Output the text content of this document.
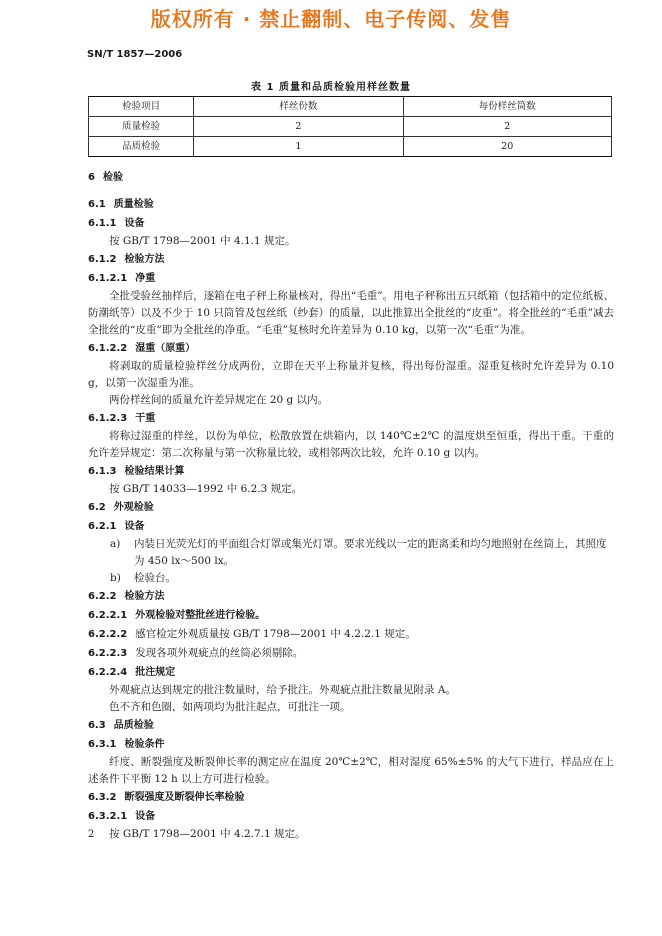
版权所有 · 禁止翻制、电子传阅、发售
SN/T 1857—2006
表 1 质量和品质检验用样丝数量
检验项目	样丝份数	每份样丝筒数
质量检验	2	2
品质检验	1	20
6 检验
6.1 质量检验
6.1.1 设备

按 GB/T 1798—2001 中 4.1.1 规定。

6.1.2 检验方法
6.1.2.1 净重

全批受验丝抽样后，逐箱在电子秤上称量核对，得出“毛重”。用电子秤称出五只纸箱（包括箱中的定位纸板、防潮纸等）以及不少于 10 只筒管及包丝纸（纱套）的质量，以此推算出全批丝的“皮重”。将全批丝的“毛重”减去全批丝的“皮重”即为全批丝的净重。“毛重”复核时允许差异为 0.10 kg，以第一次“毛重”为准。

6.1.2.2 湿重（原重）

将剥取的质量检验样丝分成两份，立即在天平上称量并复核，得出每份湿重。湿重复核时允许差异为 0.10 g，以第一次湿重为准。

两份样丝间的质量允许差异规定在 20 g 以内。

6.1.2.3 干重

将称过湿重的样丝，以份为单位，松散放置在烘箱内，以 140℃±2℃ 的温度烘至恒重，得出干重。干重的允许差异规定：第二次称量与第一次称量比较，或相邻两次比较，允许 0.10 g 以内。

6.1.3 检验结果计算

按 GB/T 14033—1992 中 6.2.3 规定。

6.2 外观检验
6.2.1 设备
a) 内装日光荧光灯的平面组合灯罩或集光灯罩。要求光线以一定的距离柔和均匀地照射在丝筒上，其照度为 450 lx～500 lx。
b) 检验台。
6.2.2 检验方法
6.2.2.1 外观检验对整批丝进行检验。

6.2.2.2 感官检定外观质量按 GB/T 1798—2001 中 4.2.2.1 规定。

6.2.2.3 发现各项外观疵点的丝筒必须剔除。

6.2.2.4 批注规定

外观疵点达到规定的批注数量时，给予批注。外观疵点批注数量见附录 A。

色不齐和色圈，如两项均为批注起点，可批注一项。

6.3 品质检验
6.3.1 检验条件

纤度、断裂强度及断裂伸长率的测定应在温度 20℃±2℃，相对湿度 65%±5% 的大气下进行，样品应在上述条件下平衡 12 h 以上方可进行检验。

6.3.2 断裂强度及断裂伸长率检验
6.3.2.1 设备

按 GB/T 1798—2001 中 4.2.7.1 规定。

2
